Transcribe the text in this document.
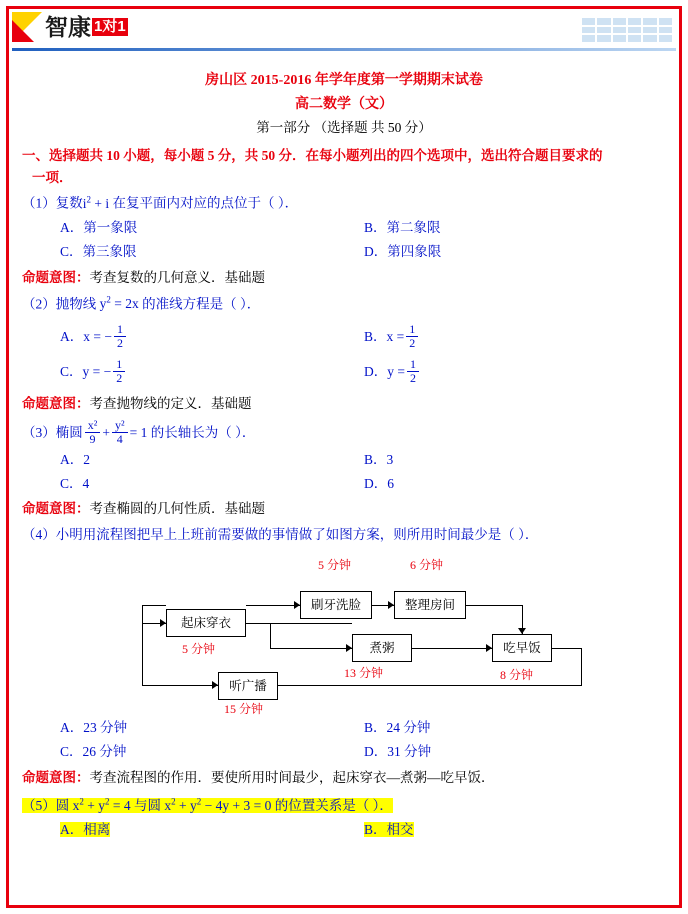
智康 1对1
房山区 2015-2016 年学年度第一学期期末试卷
高二数学（文）
第一部分 （选择题 共 50 分）
一、选择题共 10 小题，每小题 5 分，共 50 分．在每小题列出的四个选项中，选出符合题目要求的
一项．
（1）复数$i^2 + i$ 在复平面内对应的点位于（ ）．
A．第一象限	B．第二象限
C．第三象限	D．第四象限
命题意图：考查复数的几何意义．基础题
（2）抛物线 $y^2 = 2x$ 的准线方程是（ ）．
A． x = − $\frac{1}{2}$	B． $x = \frac{1}{2}$
C． y = − $\frac{1}{2}$	D． $y = \frac{1}{2}$
命题意图：考查抛物线的定义．基础题
（3） 椭圆 $\frac{\text{x²}}{9} + \frac{\text{y²}}{4} = 1$ 的长轴长为（ ）．
A．2	B．3
C．4	D．6
命题意图：考查椭圆的几何性质．基础题
（4）小明用流程图把早上上班前需要做的事情做了如图方案，则所用时间最少是（ ）．
5 分钟	6 分钟
起床穿衣
刷牙洗脸	整理房间
煮粥	吃早饭
听广播
5 分钟
13 分钟	8 分钟
15 分钟
A．23 分钟	B．24 分钟
C．26 分钟	D．31 分钟
命题意图：考查流程图的作用．要使所用时间最少，起床穿衣—煮粥—吃早饭．
（5）圆 $x^2 + y^2 = 4$ 与圆 $x^2 + y^2 - 4y + 3 = 0$ 的位置关系是（ ）．
A．相离	B．相交
